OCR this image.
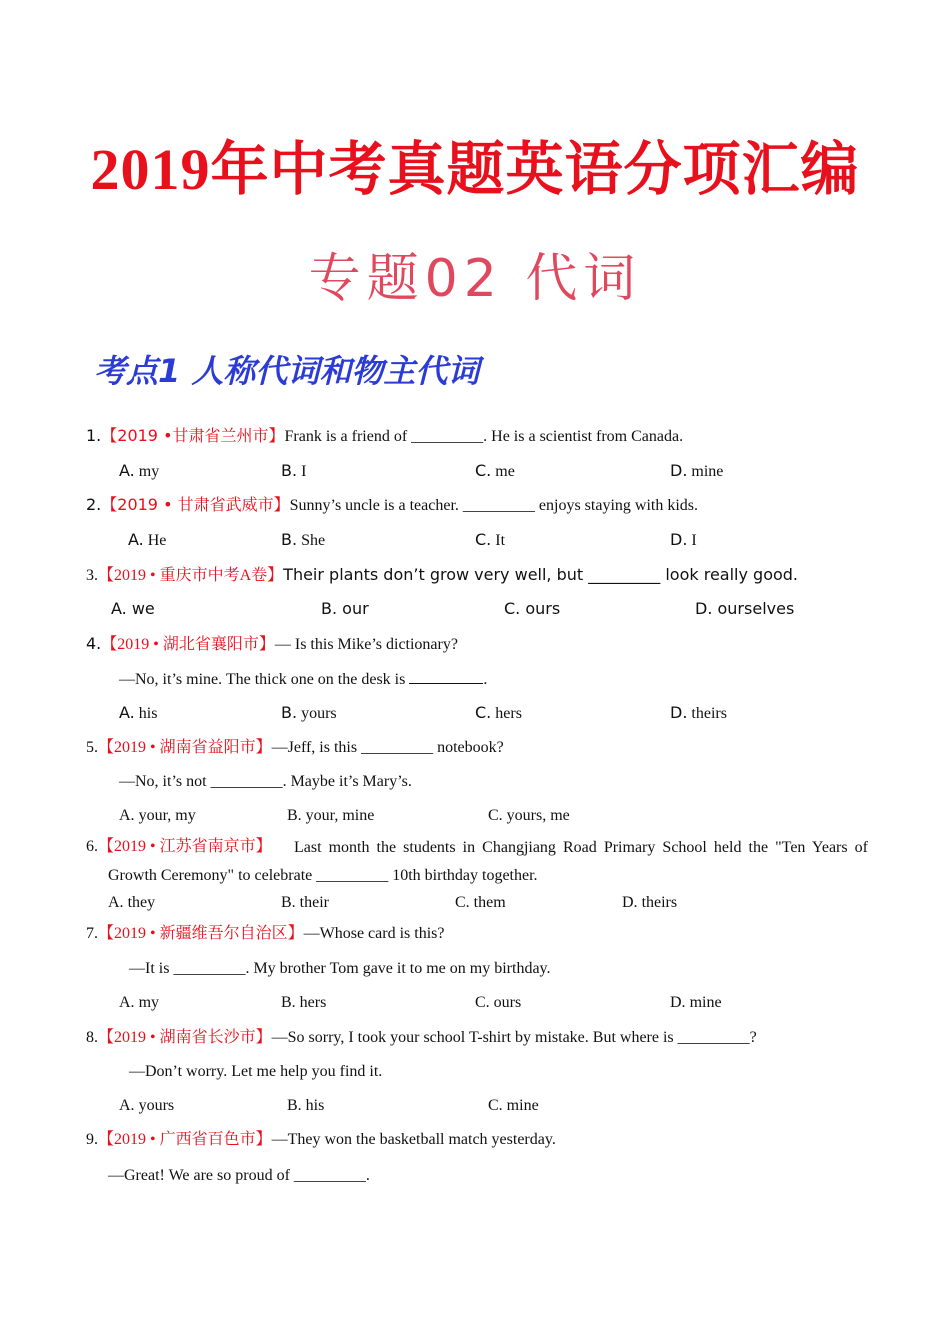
2019年中考真题英语分项汇编
专题02 代词
考点1 人称代词和物主代词
1.【2019 •甘肃省兰州市】Frank is a friend of _________. He is a scientist from Canada.
A. my	B. I	C. me	D. mine
2.【2019 • 甘肃省武威市】Sunny’s uncle is a teacher. _________ enjoys staying with kids.
A. He	B. She	C. It	D. I
3.【2019 • 重庆市中考A卷】Their plants don’t grow very well, but _________ look really good.
A. we	B. our	C. ours	D. ourselves
4.【2019 • 湖北省襄阳市】— Is this Mike’s dictionary?
—No, it’s mine. The thick one on the desk is	.
A. his	B. yours	C. hers	D. theirs
5.【2019 • 湖南省益阳市】—Jeff, is this _________ notebook?
—No, it’s not _________. Maybe it’s Mary’s.
A. your, my	B. your, mine	C. yours, me
6.【2019 • 江苏省南京市】	Last month the students in Changjiang Road Primary School held the "Ten Years of Growth Ceremony" to celebrate _________ 10th birthday together.
A. they	B. their	C. them	D. theirs
7.【2019 • 新疆维吾尔自治区】—Whose card is this?
—It is _________. My brother Tom gave it to me on my birthday.
A. my	B. hers	C. ours	D. mine
8.【2019 • 湖南省长沙市】—So sorry, I took your school T-shirt by mistake. But where is _________?
—Don’t worry. Let me help you find it.
A. yours	B. his	C. mine
9.【2019 • 广西省百色市】—They won the basketball match yesterday.
—Great! We are so proud of _________.
